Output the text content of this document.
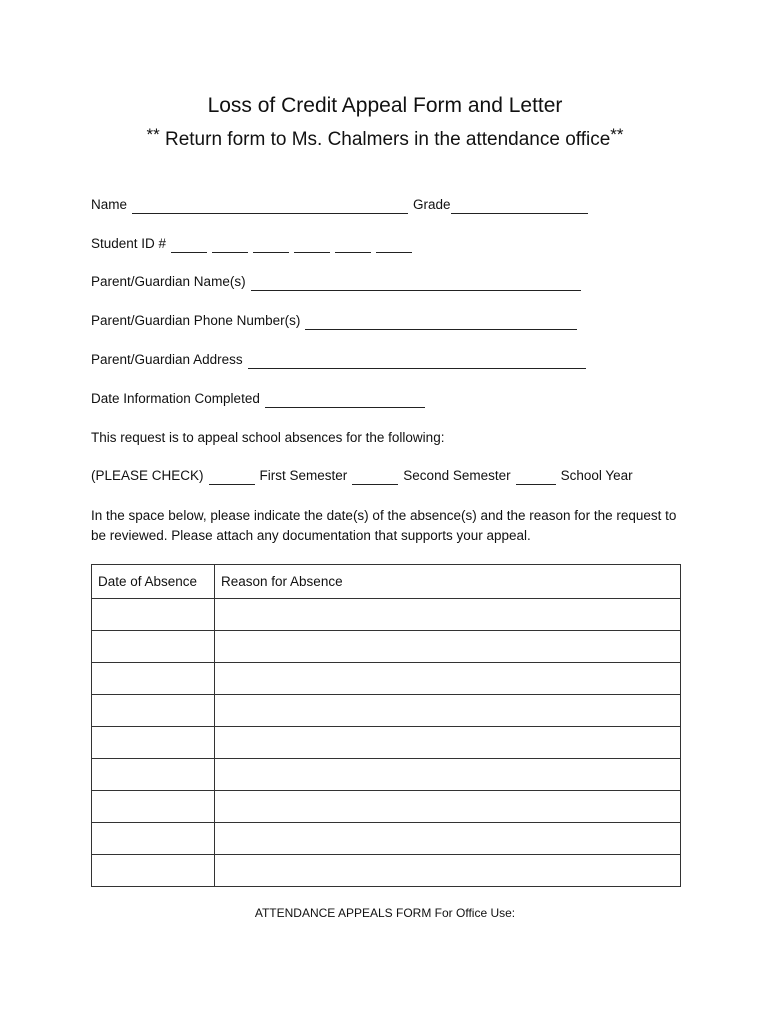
Loss of Credit Appeal Form and Letter
** Return form to Ms. Chalmers in the attendance office**
Name	Grade
Student ID #
Parent/Guardian Name(s)
Parent/Guardian Phone Number(s)
Parent/Guardian Address
Date Information Completed
This request is to appeal school absences for the following:
(PLEASE CHECK)	First Semester	Second Semester	School Year
In the space below, please indicate the date(s) of the absence(s) and the reason for the request to be reviewed. Please attach any documentation that supports your appeal.
Date of Absence	Reason for Absence

ATTENDANCE APPEALS FORM For Office Use:
